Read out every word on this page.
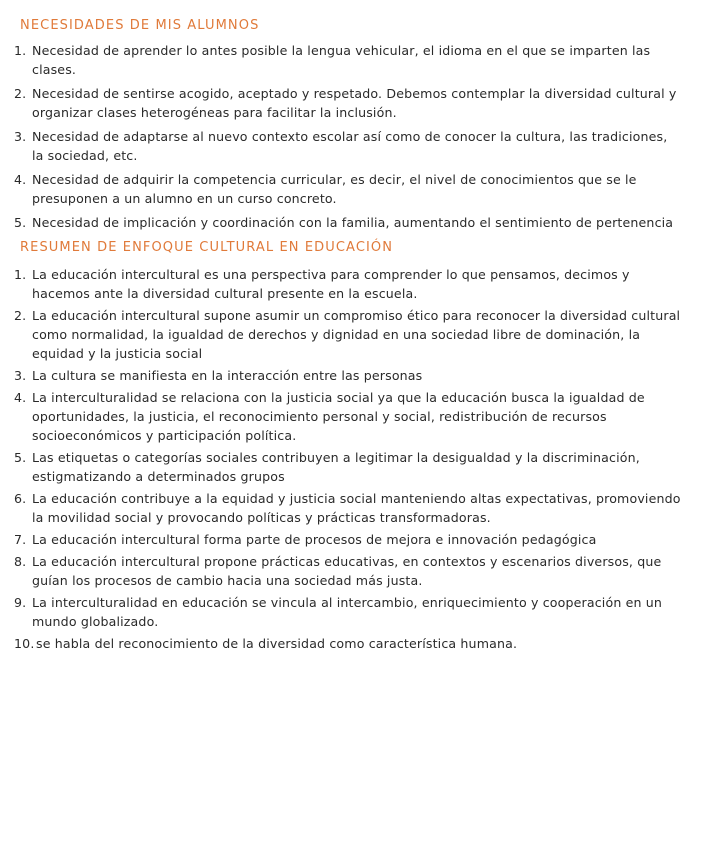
NECESIDADES DE MIS ALUMNOS
1. Necesidad de aprender lo antes posible la lengua vehicular, el idioma en el que se imparten las clases.
2. Necesidad de sentirse acogido, aceptado y respetado. Debemos contemplar la diversidad cultural y organizar clases heterogéneas para facilitar la inclusión.
3. Necesidad de adaptarse al nuevo contexto escolar así como de conocer la cultura, las tradiciones, la sociedad, etc.
4. Necesidad de adquirir la competencia curricular, es decir, el nivel de conocimientos que se le presuponen a un alumno en un curso concreto.
5. Necesidad de implicación y coordinación con la familia, aumentando el sentimiento de pertenencia
RESUMEN DE ENFOQUE CULTURAL EN EDUCACIÓN
1. La educación intercultural es una perspectiva para comprender lo que pensamos, decimos y hacemos ante la diversidad cultural presente en la escuela.
2. La educación intercultural supone asumir un compromiso ético para reconocer la diversidad cultural como normalidad, la igualdad de derechos y dignidad en una sociedad libre de dominación, la equidad y la justicia social
3. La cultura se manifiesta en la interacción entre las personas
4. La interculturalidad se relaciona con la justicia social ya que la educación busca la igualdad de oportunidades, la justicia, el reconocimiento personal y social, redistribución de recursos socioeconómicos y participación política.
5. Las etiquetas o categorías sociales contribuyen a legitimar la desigualdad y la discriminación, estigmatizando a determinados grupos
6. La educación contribuye a la equidad y justicia social manteniendo altas expectativas, promoviendo la movilidad social y provocando políticas y prácticas transformadoras.
7. La educación intercultural forma parte de procesos de mejora e innovación pedagógica
8. La educación intercultural propone prácticas educativas, en contextos y escenarios diversos, que guían los procesos de cambio hacia una sociedad más justa.
9. La interculturalidad en educación se vincula al intercambio, enriquecimiento y cooperación en un mundo globalizado.
10. se habla del reconocimiento de la diversidad como característica humana.
